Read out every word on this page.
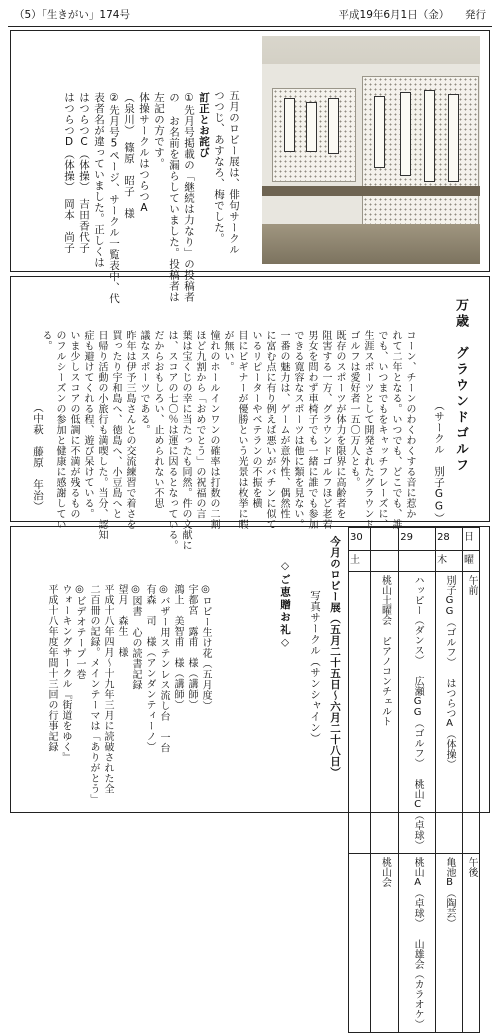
（5）「生きがい」174号	平成19年6月1日（金）　　発行

五月のロビー展は、俳句サークル
つつじ、あすなろ、梅でした。

訂正とお詫び
①先月号掲載の「継続は力なり」の投稿者
の お名前を漏らしていました。投稿者は
左記の方です。
体操サークルはつらつA
（泉川）　篠原　昭子　様
②先月号5ページ、サークル一覧表中、代
表者名が違っていました。正しくは
はつらつC（体操）　吉田香代子
はつらつD（体操）　岡本　尚子

万歳　グラウンドゴルフ
（サークル　別子GG）

コーン、チーンのわくわくする音に惹か
れて二年となる。いつでも、どこでも、誰
でも、いつまでもをキャッチフレーズに、
生涯スポーツとして開発されたグラウンド
ゴルフは愛好者一五〇万人とも。
既存のスポーツが体力を限界に高齢者を
阻害する一方、グラウンドゴルフほど老若
男女を問わず車椅子でも一緒に誰でも参加
できる寛容なスポーツは他に類を見ない。
一番の魅力は、ゲームが意外性、偶然性
に富む点に有り例えば悪いがバチンに似て
いるリピーターやベテランの不振を横
目にビギナーが優勝という光景は枚挙に暇
が無い。
憧れのホールインワンの確率は打数の二割
ほど九割から「おめでとう」の祝福の言
葉は宝くじの幸に当たったも同然。件の文献に
は、スコアの七〇％は運に因るとなっている。
だからおもしろい、止められない不思
議なスポーツである。
昨年は伊予三島さんとの交流練習で着さを
買ったり宇和島へ、徳島へ、小豆島へと
日帰り活動の小旅行も満喫した。当分、認知
症も避けてくれる程、遊び呆けている。
いま少しスコアの低調に不満が残るもの
のフルシーズンの参加と健康に感謝してい
る。

（中萩　藤原　年治）
30		29	28	日

土			木	曜

	桃山土曜会 ピアノコンチェルト	ハッピー（ダンス） 広瀬GG（ゴルフ） 桃山C（卓球）	別子GG（ゴルフ） はつらつA（体操）	午前

	桃山会	桃山A（卓球） 山雄会（カラオケ）	亀池B（陶芸）	午後
今月のロビー展（五月二十五日～六月二十八日）
写真サークル（サンシャイン）
◇ご恵贈お礼◇

◎ロビー生け花（五月度）
宇都宮　露甫　様（講師）
鴻上　美智甫　様（講師）
◎バザー用ステンレス流し台　一台
有森　司　様（アンダンティーノ）
◎図書　心の読書記録
望月　森生　様
平成十八年四月～十九年三月に読破された全
二百冊の記録。メインテーマは「ありがとう」
◎ビデオテープ一巻
ウォーキングサークル『街道をゆく』
平成十八年度年間十三回の行事記録
